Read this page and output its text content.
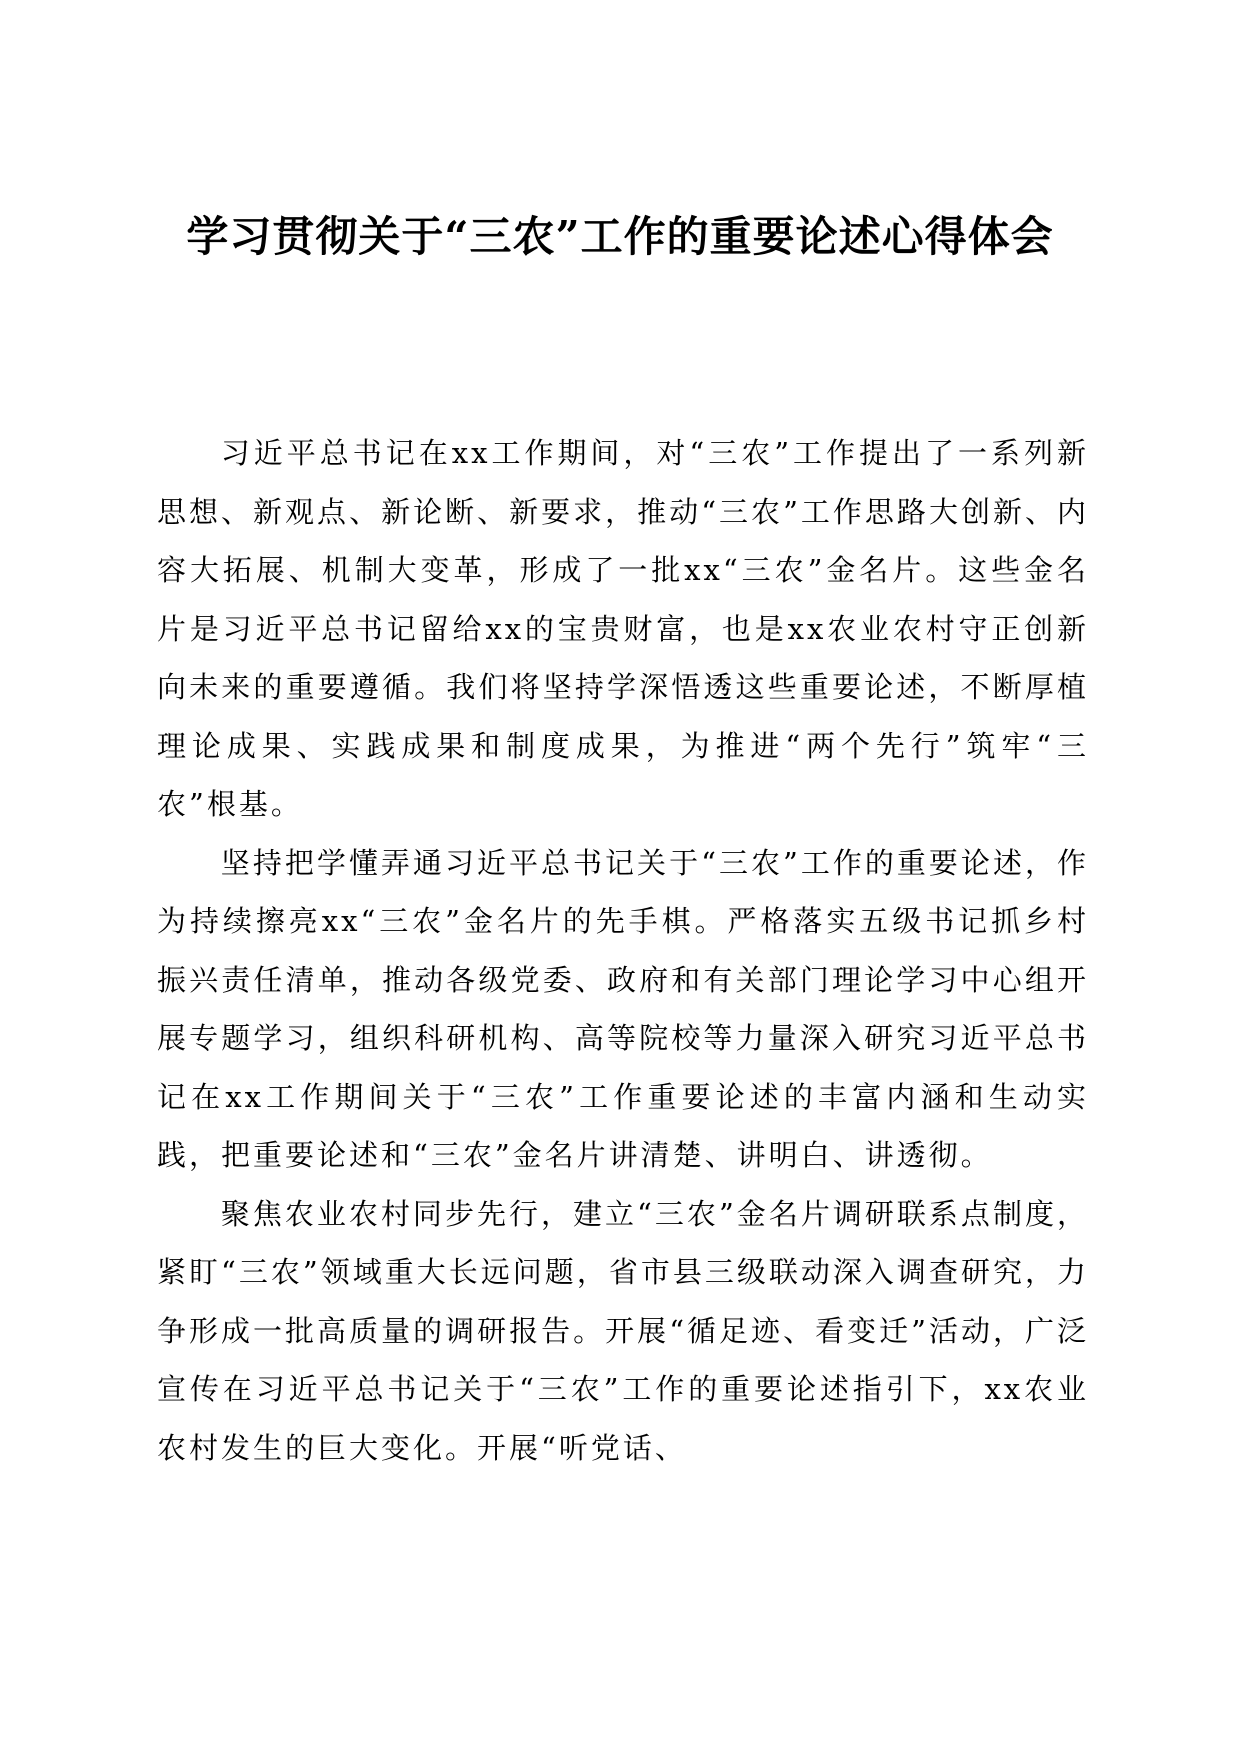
学习贯彻关于“三农”工作的重要论述心得体会

习近平总书记在xx工作期间，对“三农”工作提出了一系列新思想、新观点、新论断、新要求，推动“三农”工作思路大创新、内容大拓展、机制大变革，形成了一批xx“三农”金名片。这些金名片是习近平总书记留给xx的宝贵财富，也是xx农业农村守正创新向未来的重要遵循。我们将坚持学深悟透这些重要论述，不断厚植理论成果、实践成果和制度成果，为推进“两个先行”筑牢“三农”根基。

坚持把学懂弄通习近平总书记关于“三农”工作的重要论述，作为持续擦亮xx“三农”金名片的先手棋。严格落实五级书记抓乡村振兴责任清单，推动各级党委、政府和有关部门理论学习中心组开展专题学习，组织科研机构、高等院校等力量深入研究习近平总书记在xx工作期间关于“三农”工作重要论述的丰富内涵和生动实践，把重要论述和“三农”金名片讲清楚、讲明白、讲透彻。

聚焦农业农村同步先行，建立“三农”金名片调研联系点制度，紧盯“三农”领域重大长远问题，省市县三级联动深入调查研究，力争形成一批高质量的调研报告。开展“循足迹、看变迁”活动，广泛宣传在习近平总书记关于“三农”工作的重要论述指引下，xx农业农村发生的巨大变化。开展“听党话、
